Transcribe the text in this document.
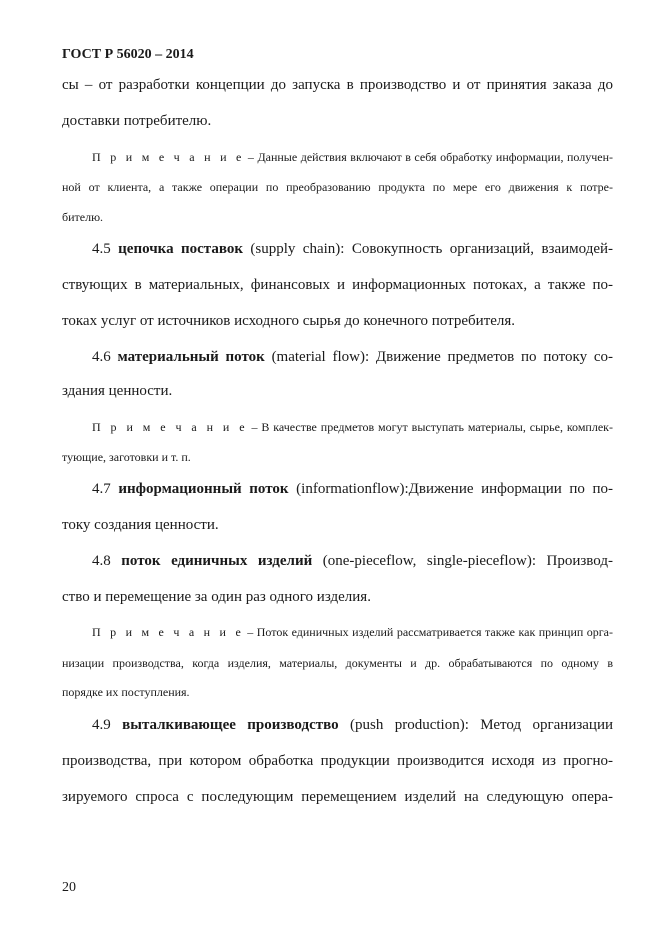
ГОСТ Р 56020 – 2014
сы – от разработки концепции до запуска в производство и от принятия заказа до
доставки потребителю.
П р и м е ч а н и е – Данные действия включают в себя обработку информации, получен-
ной от клиента, а также операции по преобразованию продукта по мере его движения к потре-
бителю.
4.5 цепочка поставок (supply chain): Совокупность организаций, взаимодей-
ствующих в материальных, финансовых и информационных потоках, а также по-
токах услуг от источников исходного сырья до конечного потребителя.
4.6 материальный поток (material flow): Движение предметов по потоку со-
здания ценности.
П р и м е ч а н и е – В качестве предметов могут выступать материалы, сырье, комплек-
тующие, заготовки и т. п.
4.7 информационный поток (informationflow):Движение информации по по-
току создания ценности.
4.8 поток единичных изделий (one-pieceflow, single-pieceflow): Производ-
ство и перемещение за один раз одного изделия.
П р и м е ч а н и е – Поток единичных изделий рассматривается также как принцип орга-
низации производства, когда изделия, материалы, документы и др. обрабатываются по одному в
порядке их поступления.
4.9 выталкивающее производство (push production): Метод организации
производства, при котором обработка продукции производится исходя из прогно-
зируемого спроса с последующим перемещением изделий на следующую опера-
20
